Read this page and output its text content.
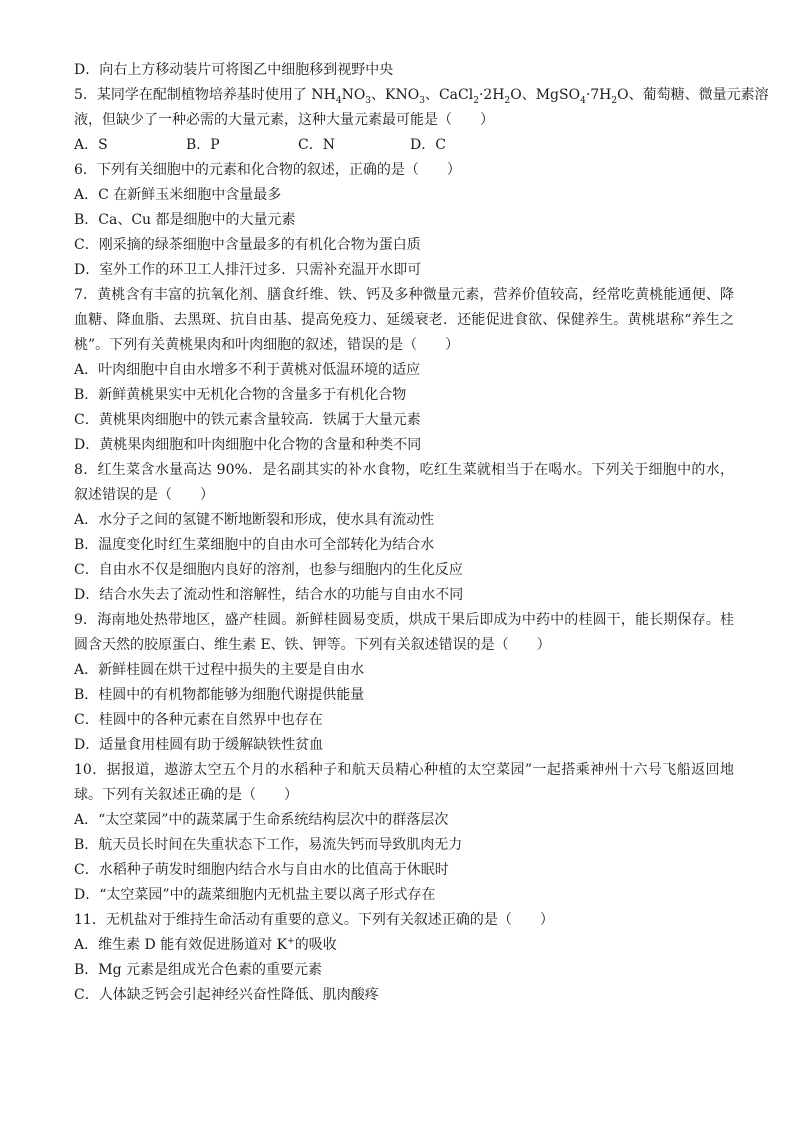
D．向右上方移动装片可将图乙中细胞移到视野中央
5．某同学在配制植物培养基时使用了 $NH_4NO_3$、$KNO_3$、$CaCl_2\cdot 2H_2O$、$MgSO_4\cdot 7H_2O$、葡萄糖、微量元素溶
液，但缺少了一种必需的大量元素，这种大量元素最可能是（　　）
A．S	B．P	C．N	D．C
6．下列有关细胞中的元素和化合物的叙述，正确的是（　　）
A．C 在新鲜玉米细胞中含量最多
B．Ca、Cu 都是细胞中的大量元素
C．刚采摘的绿茶细胞中含量最多的有机化合物为蛋白质
D．室外工作的环卫工人排汗过多．只需补充温开水即可
7．黄桃含有丰富的抗氧化剂、膳食纤维、铁、钙及多种微量元素，营养价值较高，经常吃黄桃能通便、降血糖、降血脂、去黑斑、抗自由基、提高免疫力、延缓衰老．还能促进食欲、保健养生。黄桃堪称“养生之桃”。下列有关黄桃果肉和叶肉细胞的叙述，错误的是（　　）
A．叶肉细胞中自由水增多不利于黄桃对低温环境的适应
B．新鲜黄桃果实中无机化合物的含量多于有机化合物
C．黄桃果肉细胞中的铁元素含量较高．铁属于大量元素
D．黄桃果肉细胞和叶肉细胞中化合物的含量和种类不同
8．红生菜含水量高达 90%．是名副其实的补水食物，吃红生菜就相当于在喝水。下列关于细胞中的水，叙述错误的是（　　）
A．水分子之间的氢键不断地断裂和形成，使水具有流动性
B．温度变化时红生菜细胞中的自由水可全部转化为结合水
C．自由水不仅是细胞内良好的溶剂，也参与细胞内的生化反应
D．结合水失去了流动性和溶解性，结合水的功能与自由水不同
9．海南地处热带地区，盛产桂圆。新鲜桂圆易变质，烘成干果后即成为中药中的桂圆干，能长期保存。桂圆含天然的胶原蛋白、维生素 E、铁、钾等。下列有关叙述错误的是（　　）
A．新鲜桂圆在烘干过程中损失的主要是自由水
B．桂圆中的有机物都能够为细胞代谢提供能量
C．桂圆中的各种元素在自然界中也存在
D．适量食用桂圆有助于缓解缺铁性贫血
10．据报道，遨游太空五个月的水稻种子和航天员精心种植的太空菜园”一起搭乘神州十六号飞船返回地球。下列有关叙述正确的是（　　）
A．“太空菜园”中的蔬菜属于生命系统结构层次中的群落层次
B．航天员长时间在失重状态下工作，易流失钙而导致肌肉无力
C．水稻种子萌发时细胞内结合水与自由水的比值高于休眠时
D．“太空菜园”中的蔬菜细胞内无机盐主要以离子形式存在
11．无机盐对于维持生命活动有重要的意义。下列有关叙述正确的是（　　）
A．维生素 D 能有效促进肠道对 K+的吸收
B．Mg 元素是组成光合色素的重要元素
C．人体缺乏钙会引起神经兴奋性降低、肌肉酸疼
